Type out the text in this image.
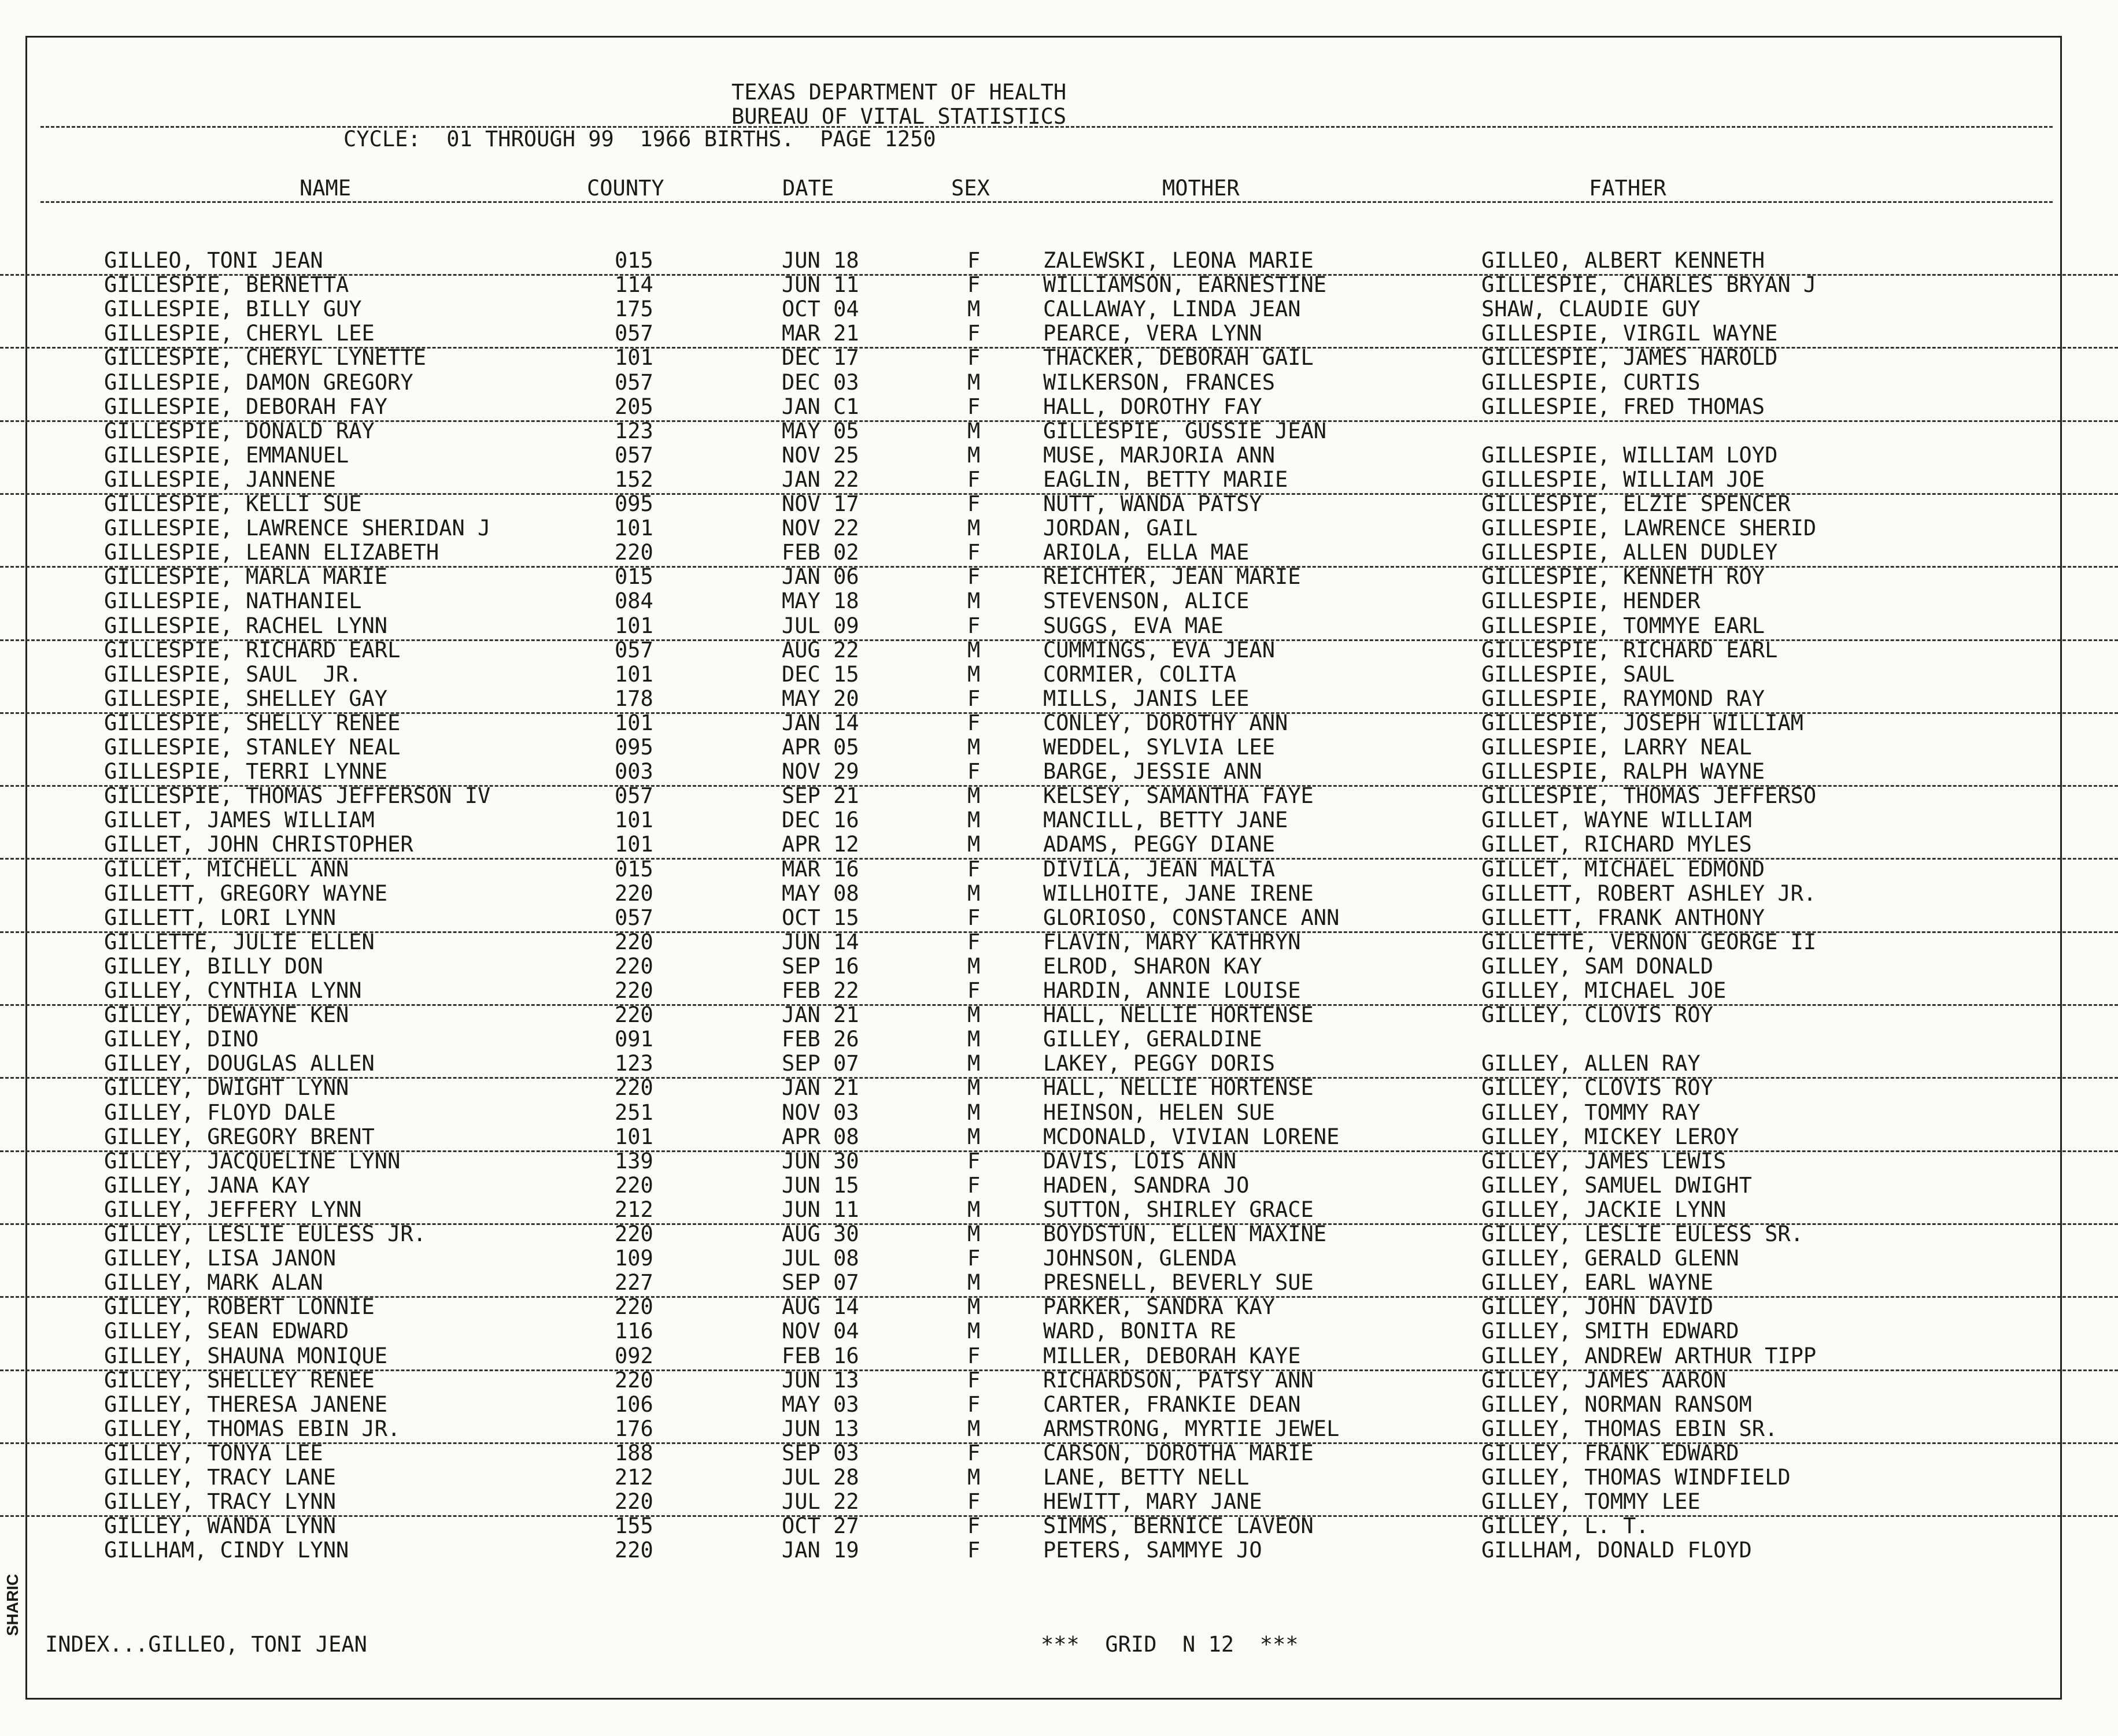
SHARIC
TEXAS DEPARTMENT OF HEALTH
BUREAU OF VITAL STATISTICS
CYCLE:  01 THROUGH 99  1966 BIRTHS.  PAGE 1250
NAME	COUNTY	DATE	SEX	MOTHER	FATHER
GILLEO, TONI JEAN	015	JUN 18	F	ZALEWSKI, LEONA MARIE	GILLEO, ALBERT KENNETH
GILLESPIE, BERNETTA	114	JUN 11	F	WILLIAMSON, EARNESTINE	GILLESPIE, CHARLES BRYAN J
GILLESPIE, BILLY GUY	175	OCT 04	M	CALLAWAY, LINDA JEAN	SHAW, CLAUDIE GUY
GILLESPIE, CHERYL LEE	057	MAR 21	F	PEARCE, VERA LYNN	GILLESPIE, VIRGIL WAYNE
GILLESPIE, CHERYL LYNETTE	101	DEC 17	F	THACKER, DEBORAH GAIL	GILLESPIE, JAMES HAROLD
GILLESPIE, DAMON GREGORY	057	DEC 03	M	WILKERSON, FRANCES	GILLESPIE, CURTIS
GILLESPIE, DEBORAH FAY	205	JAN C1	F	HALL, DOROTHY FAY	GILLESPIE, FRED THOMAS
GILLESPIE, DONALD RAY	123	MAY 05	M	GILLESPIE, GUSSIE JEAN
GILLESPIE, EMMANUEL	057	NOV 25	M	MUSE, MARJORIA ANN	GILLESPIE, WILLIAM LOYD
GILLESPIE, JANNENE	152	JAN 22	F	EAGLIN, BETTY MARIE	GILLESPIE, WILLIAM JOE
GILLESPIE, KELLI SUE	095	NOV 17	F	NUTT, WANDA PATSY	GILLESPIE, ELZIE SPENCER
GILLESPIE, LAWRENCE SHERIDAN J	101	NOV 22	M	JORDAN, GAIL	GILLESPIE, LAWRENCE SHERID
GILLESPIE, LEANN ELIZABETH	220	FEB 02	F	ARIOLA, ELLA MAE	GILLESPIE, ALLEN DUDLEY
GILLESPIE, MARLA MARIE	015	JAN 06	F	REICHTER, JEAN MARIE	GILLESPIE, KENNETH ROY
GILLESPIE, NATHANIEL	084	MAY 18	M	STEVENSON, ALICE	GILLESPIE, HENDER
GILLESPIE, RACHEL LYNN	101	JUL 09	F	SUGGS, EVA MAE	GILLESPIE, TOMMYE EARL
GILLESPIE, RICHARD EARL	057	AUG 22	M	CUMMINGS, EVA JEAN	GILLESPIE, RICHARD EARL
GILLESPIE, SAUL  JR.	101	DEC 15	M	CORMIER, COLITA	GILLESPIE, SAUL
GILLESPIE, SHELLEY GAY	178	MAY 20	F	MILLS, JANIS LEE	GILLESPIE, RAYMOND RAY
GILLESPIE, SHELLY RENEE	101	JAN 14	F	CONLEY, DOROTHY ANN	GILLESPIE, JOSEPH WILLIAM
GILLESPIE, STANLEY NEAL	095	APR 05	M	WEDDEL, SYLVIA LEE	GILLESPIE, LARRY NEAL
GILLESPIE, TERRI LYNNE	003	NOV 29	F	BARGE, JESSIE ANN	GILLESPIE, RALPH WAYNE
GILLESPIE, THOMAS JEFFERSON IV	057	SEP 21	M	KELSEY, SAMANTHA FAYE	GILLESPIE, THOMAS JEFFERSO
GILLET, JAMES WILLIAM	101	DEC 16	M	MANCILL, BETTY JANE	GILLET, WAYNE WILLIAM
GILLET, JOHN CHRISTOPHER	101	APR 12	M	ADAMS, PEGGY DIANE	GILLET, RICHARD MYLES
GILLET, MICHELL ANN	015	MAR 16	F	DIVILA, JEAN MALTA	GILLET, MICHAEL EDMOND
GILLETT, GREGORY WAYNE	220	MAY 08	M	WILLHOITE, JANE IRENE	GILLETT, ROBERT ASHLEY JR.
GILLETT, LORI LYNN	057	OCT 15	F	GLORIOSO, CONSTANCE ANN	GILLETT, FRANK ANTHONY
GILLETTE, JULIE ELLEN	220	JUN 14	F	FLAVIN, MARY KATHRYN	GILLETTE, VERNON GEORGE II
GILLEY, BILLY DON	220	SEP 16	M	ELROD, SHARON KAY	GILLEY, SAM DONALD
GILLEY, CYNTHIA LYNN	220	FEB 22	F	HARDIN, ANNIE LOUISE	GILLEY, MICHAEL JOE
GILLEY, DEWAYNE KEN	220	JAN 21	M	HALL, NELLIE HORTENSE	GILLEY, CLOVIS ROY
GILLEY, DINO	091	FEB 26	M	GILLEY, GERALDINE
GILLEY, DOUGLAS ALLEN	123	SEP 07	M	LAKEY, PEGGY DORIS	GILLEY, ALLEN RAY
GILLEY, DWIGHT LYNN	220	JAN 21	M	HALL, NELLIE HORTENSE	GILLEY, CLOVIS ROY
GILLEY, FLOYD DALE	251	NOV 03	M	HEINSON, HELEN SUE	GILLEY, TOMMY RAY
GILLEY, GREGORY BRENT	101	APR 08	M	MCDONALD, VIVIAN LORENE	GILLEY, MICKEY LEROY
GILLEY, JACQUELINE LYNN	139	JUN 30	F	DAVIS, LOIS ANN	GILLEY, JAMES LEWIS
GILLEY, JANA KAY	220	JUN 15	F	HADEN, SANDRA JO	GILLEY, SAMUEL DWIGHT
GILLEY, JEFFERY LYNN	212	JUN 11	M	SUTTON, SHIRLEY GRACE	GILLEY, JACKIE LYNN
GILLEY, LESLIE EULESS JR.	220	AUG 30	M	BOYDSTUN, ELLEN MAXINE	GILLEY, LESLIE EULESS SR.
GILLEY, LISA JANON	109	JUL 08	F	JOHNSON, GLENDA	GILLEY, GERALD GLENN
GILLEY, MARK ALAN	227	SEP 07	M	PRESNELL, BEVERLY SUE	GILLEY, EARL WAYNE
GILLEY, ROBERT LONNIE	220	AUG 14	M	PARKER, SANDRA KAY	GILLEY, JOHN DAVID
GILLEY, SEAN EDWARD	116	NOV 04	M	WARD, BONITA RE	GILLEY, SMITH EDWARD
GILLEY, SHAUNA MONIQUE	092	FEB 16	F	MILLER, DEBORAH KAYE	GILLEY, ANDREW ARTHUR TIPP
GILLEY, SHELLEY RENEE	220	JUN 13	F	RICHARDSON, PATSY ANN	GILLEY, JAMES AARON
GILLEY, THERESA JANENE	106	MAY 03	F	CARTER, FRANKIE DEAN	GILLEY, NORMAN RANSOM
GILLEY, THOMAS EBIN JR.	176	JUN 13	M	ARMSTRONG, MYRTIE JEWEL	GILLEY, THOMAS EBIN SR.
GILLEY, TONYA LEE	188	SEP 03	F	CARSON, DOROTHA MARIE	GILLEY, FRANK EDWARD
GILLEY, TRACY LANE	212	JUL 28	M	LANE, BETTY NELL	GILLEY, THOMAS WINDFIELD
GILLEY, TRACY LYNN	220	JUL 22	F	HEWITT, MARY JANE	GILLEY, TOMMY LEE
GILLEY, WANDA LYNN	155	OCT 27	F	SIMMS, BERNICE LAVEON	GILLEY, L. T.
GILLHAM, CINDY LYNN	220	JAN 19	F	PETERS, SAMMYE JO	GILLHAM, DONALD FLOYD
INDEX...GILLEO, TONI JEAN	***  GRID  N 12  ***
